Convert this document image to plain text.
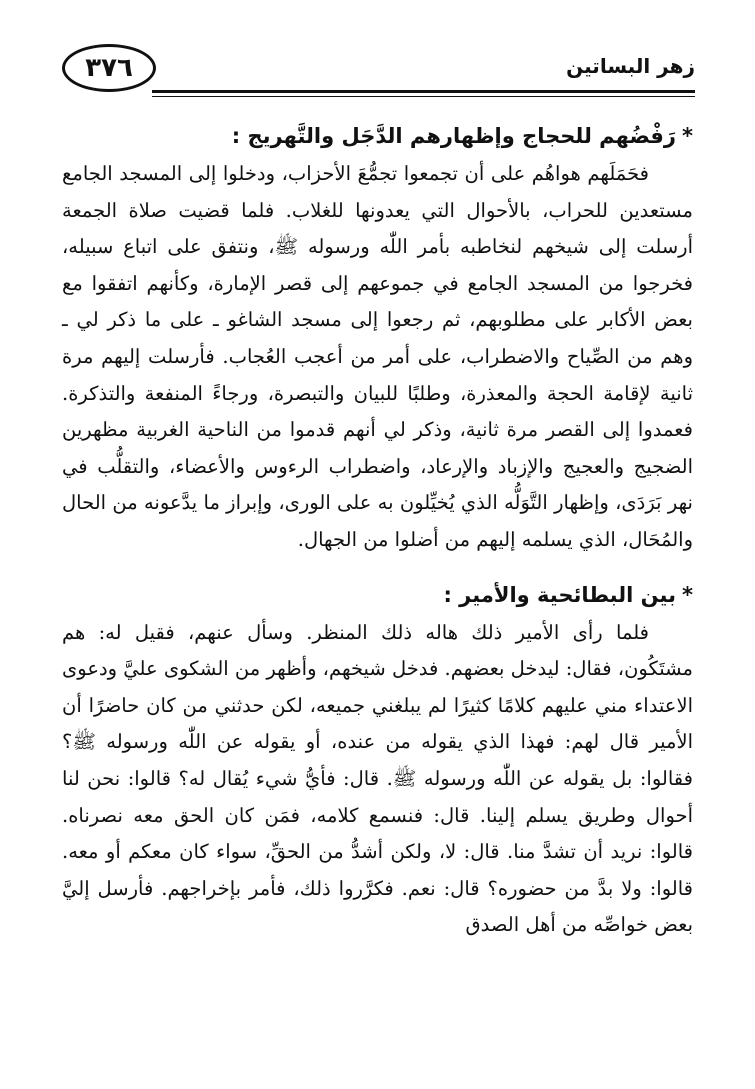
٣٧٦	زهر البساتين
*رَفْضُهم للحجاج وإظهارهم الدَّجَل والتَّهريج :

فحَمَلَهم هواهُم على أن تجمعوا تجمُّعَ الأحزاب، ودخلوا إلى المسجد الجامع مستعدين للحراب، بالأحوال التي يعدونها للغلاب. فلما قضيت صلاة الجمعة أرسلت إلى شيخهم لنخاطبه بأمر اللّٰه ورسوله ﷺ، ونتفق على اتباع سبيله، فخرجوا من المسجد الجامع في جموعهم إلى قصر الإمارة، وكأنهم اتفقوا مع بعض الأكابر على مطلوبهم، ثم رجعوا إلى مسجد الشاغو ـ على ما ذكر لي ـ وهم من الصِّياح والاضطراب، على أمر من أعجب العُجاب. فأرسلت إليهم مرة ثانية لإقامة الحجة والمعذرة، وطلبًا للبيان والتبصرة، ورجاءً المنفعة والتذكرة. فعمدوا إلى القصر مرة ثانية، وذكر لي أنهم قدموا من الناحية الغربية مظهرين الضجيج والعجيج والإزباد والإرعاد، واضطراب الرءوس والأعضاء، والتقلُّب في نهر بَرَدَى، وإظهار التَّوَلُّه الذي يُخيِّلون به على الورى، وإبراز ما يدَّعونه من الحال والمُحَال، الذي يسلمه إليهم من أضلوا من الجهال.

*بين البطائحية والأمير :

فلما رأى الأمير ذلك هاله ذلك المنظر. وسأل عنهم، فقيل له: هم مشتَكُون، فقال: ليدخل بعضهم. فدخل شيخهم، وأظهر من الشكوى عليَّ ودعوى الاعتداء مني عليهم كلامًا كثيرًا لم يبلغني جميعه، لكن حدثني من كان حاضرًا أن الأمير قال لهم: فهذا الذي يقوله من عنده، أو يقوله عن اللّٰه ورسوله ﷺ؟ فقالوا: بل يقوله عن اللّٰه ورسوله ﷺ. قال: فأيُّ شيء يُقال له؟ قالوا: نحن لنا أحوال وطريق يسلم إلينا. قال: فنسمع كلامه، فمَن كان الحق معه نصرناه. قالوا: نريد أن تشدَّ منا. قال: لا، ولكن أشدُّ من الحقِّ، سواء كان معكم أو معه. قالوا: ولا بدَّ من حضوره؟ قال: نعم. فكرَّروا ذلك، فأمر بإخراجهم. فأرسل إليَّ بعض خواصِّه من أهل الصدق
